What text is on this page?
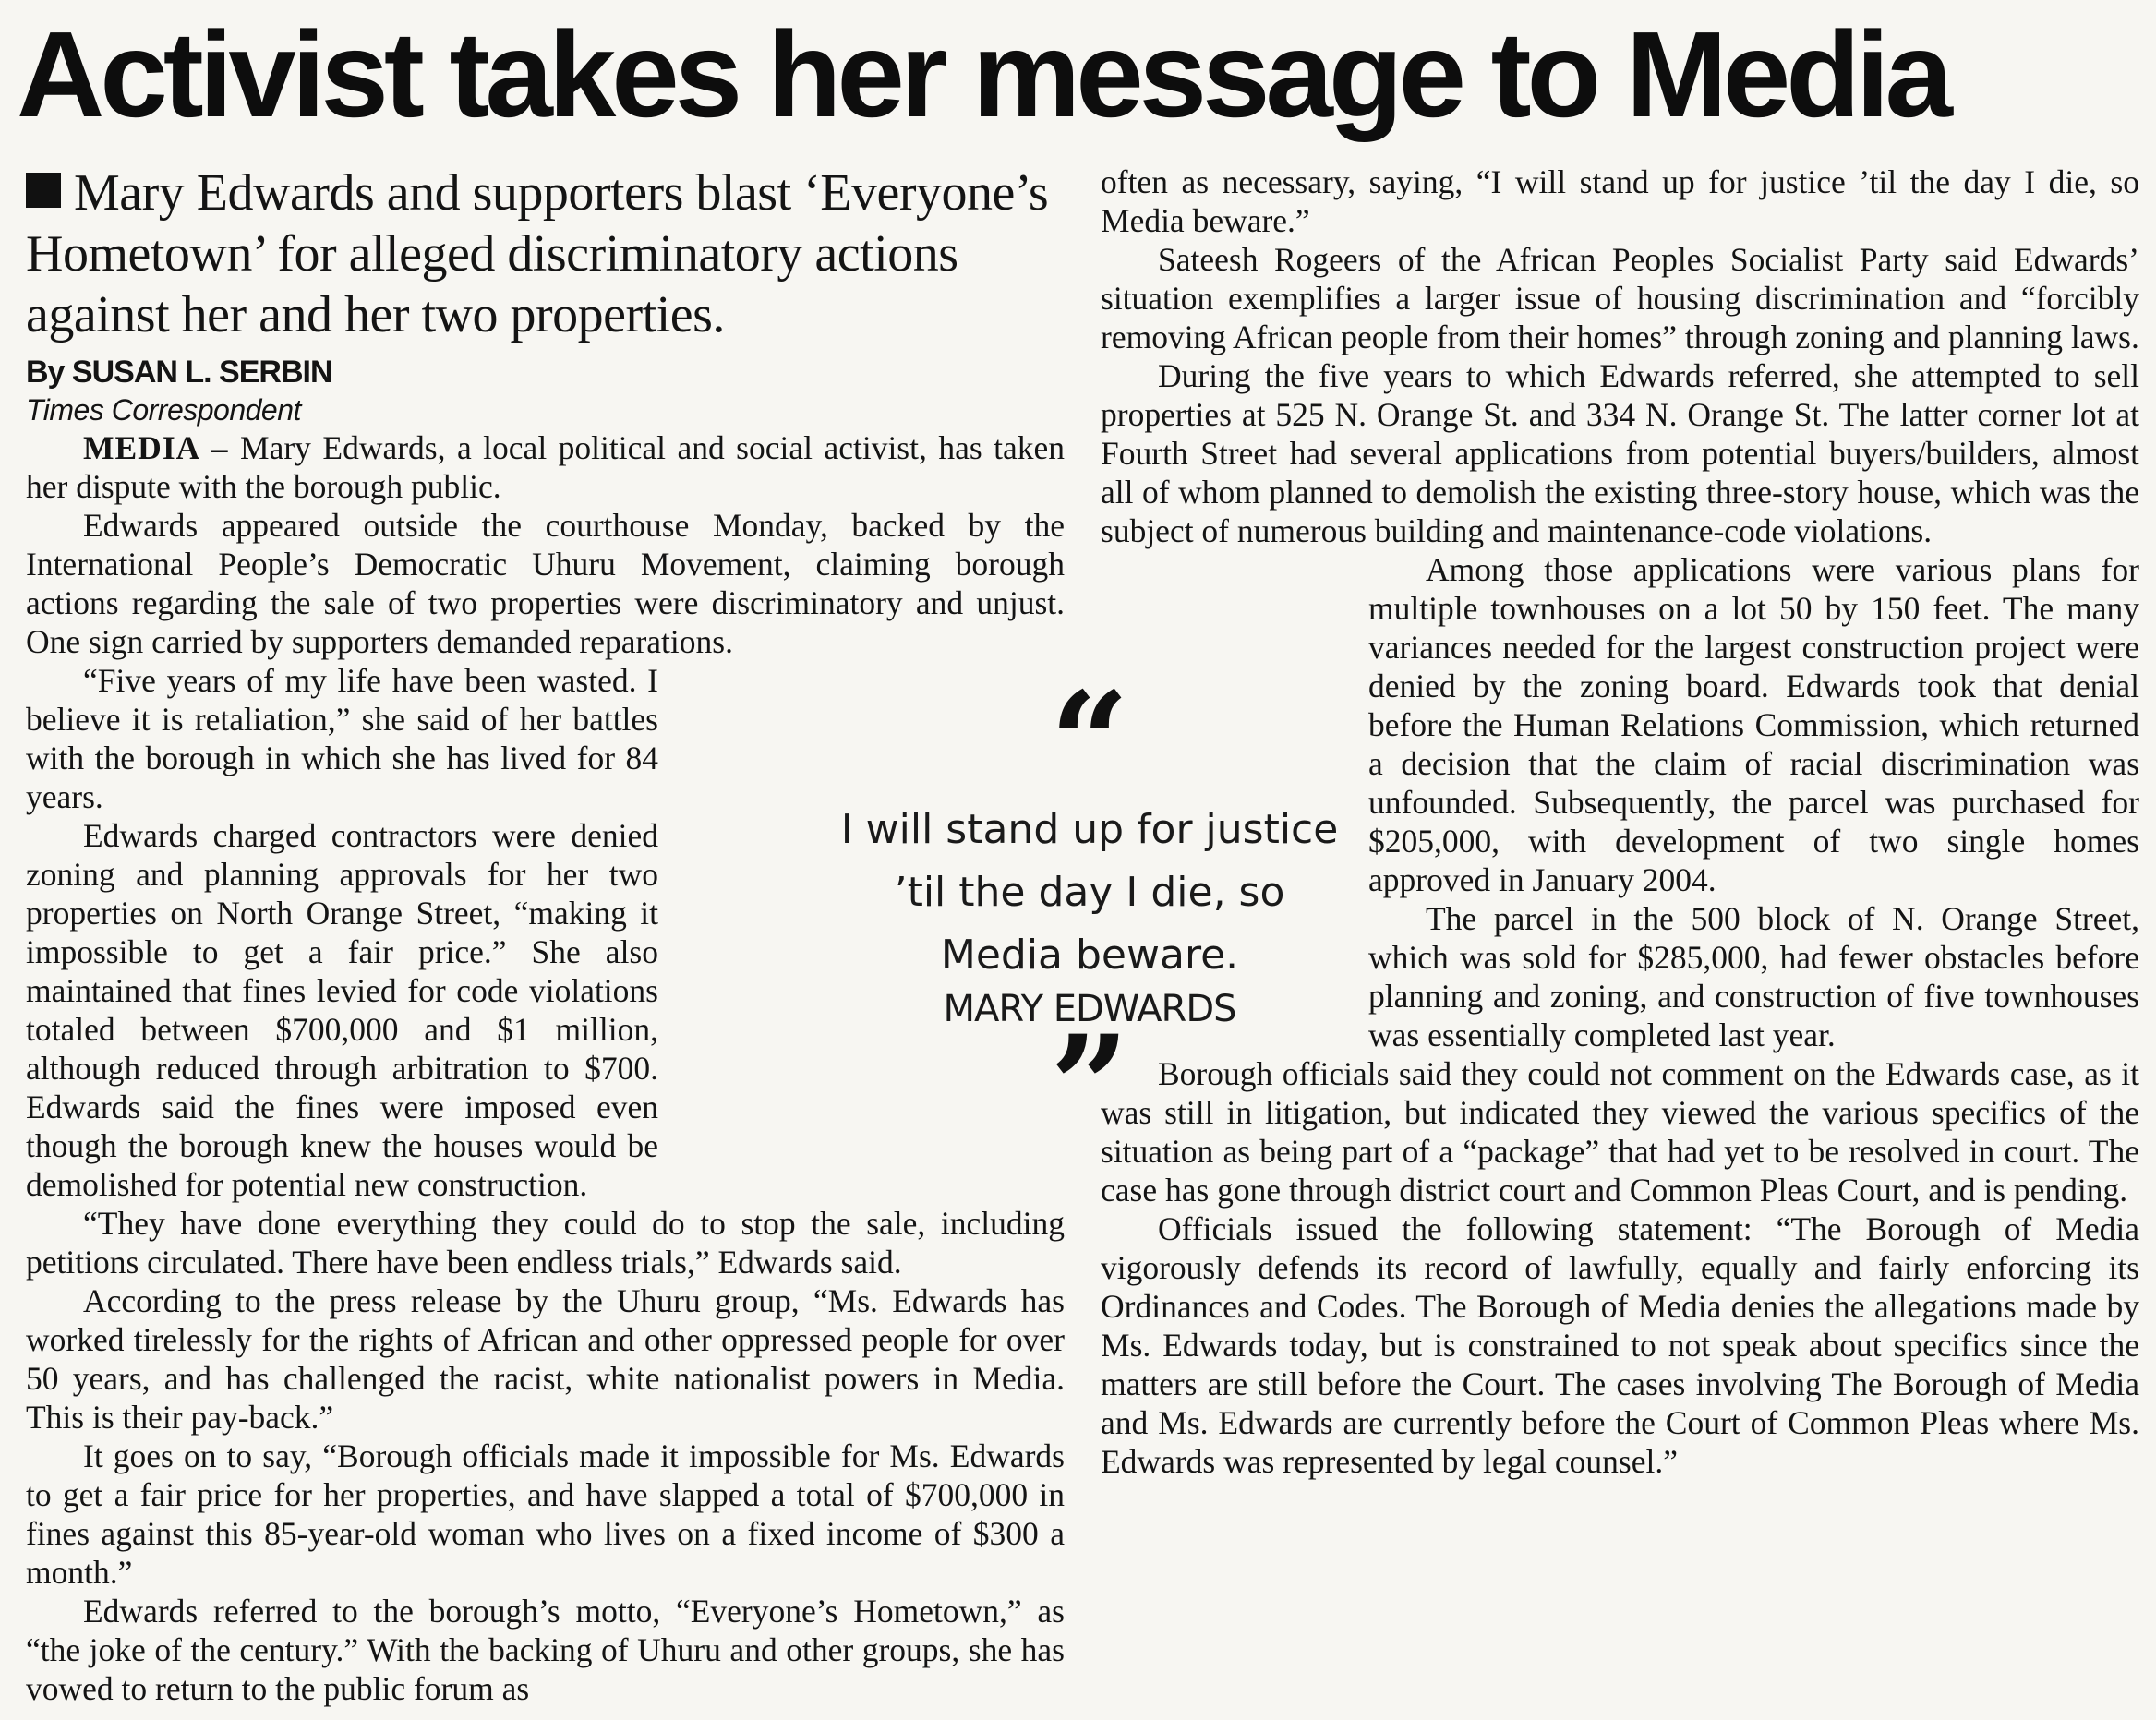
Activist takes her message to Media
Mary Edwards and supporters blast ‘Everyone’s Hometown’ for alleged discriminatory actions against her and her two properties.
By SUSAN L. SERBIN
Times Correspondent

MEDIA – Mary Edwards, a local political and social activist, has taken her dispute with the borough public.

Edwards appeared outside the courthouse Monday, backed by the International People’s Democratic Uhuru Movement, claiming borough actions regarding the sale of two properties were discriminatory and unjust. One sign carried by supporters demanded reparations.

“Five years of my life have been wasted. I believe it is retaliation,” she said of her battles with the borough in which she has lived for 84 years.

Edwards charged contractors were denied zoning and planning approvals for her two properties on North Orange Street, “making it impossible to get a fair price.” She also maintained that fines levied for code violations totaled between $700,000 and $1 million, although reduced through arbitration to $700. Edwards said the fines were imposed even though the borough knew the houses would be demolished for potential new construction.

“They have done everything they could do to stop the sale, including petitions circulated. There have been endless trials,” Edwards said.

According to the press release by the Uhuru group, “Ms. Edwards has worked tirelessly for the rights of African and other oppressed people for over 50 years, and has challenged the racist, white nationalist powers in Media. This is their pay-back.”

It goes on to say, “Borough officials made it impossible for Ms. Edwards to get a fair price for her properties, and have slapped a total of $700,000 in fines against this 85-year-old woman who lives on a fixed income of $300 a month.”

Edwards referred to the borough’s motto, “Everyone’s Hometown,” as “the joke of the century.” With the backing of Uhuru and other groups, she has vowed to return to the public forum as

often as necessary, saying, “I will stand up for justice ’til the day I die, so Media beware.”

Sateesh Rogeers of the African Peoples Socialist Party said Edwards’ situation exemplifies a larger issue of housing discrimination and “forcibly removing African people from their homes” through zoning and planning laws.

During the five years to which Edwards referred, she attempted to sell properties at 525 N. Orange St. and 334 N. Orange St. The latter corner lot at Fourth Street had several applications from potential buyers/builders, almost all of whom planned to demolish the existing three-story house, which was the subject of numerous building and maintenance-code violations.

Among those applications were various plans for multiple townhouses on a lot 50 by 150 feet. The many variances needed for the largest construction project were denied by the zoning board. Edwards took that denial before the Human Relations Commission, which returned a decision that the claim of racial discrimination was unfounded. Subsequently, the parcel was purchased for $205,000, with development of two single homes approved in January 2004.

The parcel in the 500 block of N. Orange Street, which was sold for $285,000, had fewer obstacles before planning and zoning, and construction of five townhouses was essentially completed last year.

Borough officials said they could not comment on the Edwards case, as it was still in litigation, but indicated they viewed the various specifics of the situation as being part of a “package” that had yet to be resolved in court. The case has gone through district court and Common Pleas Court, and is pending.

Officials issued the following statement: “The Borough of Media vigorously defends its record of lawfully, equally and fairly enforcing its Ordinances and Codes. The Borough of Media denies the allegations made by Ms. Edwards today, but is constrained to not speak about specifics since the matters are still before the Court. The cases involving The Borough of Media and Ms. Edwards are currently before the Court of Common Pleas where Ms. Edwards was represented by legal counsel.”

“
I will stand up for justice ’til the day I die, so Media beware.
MARY EDWARDS
”
